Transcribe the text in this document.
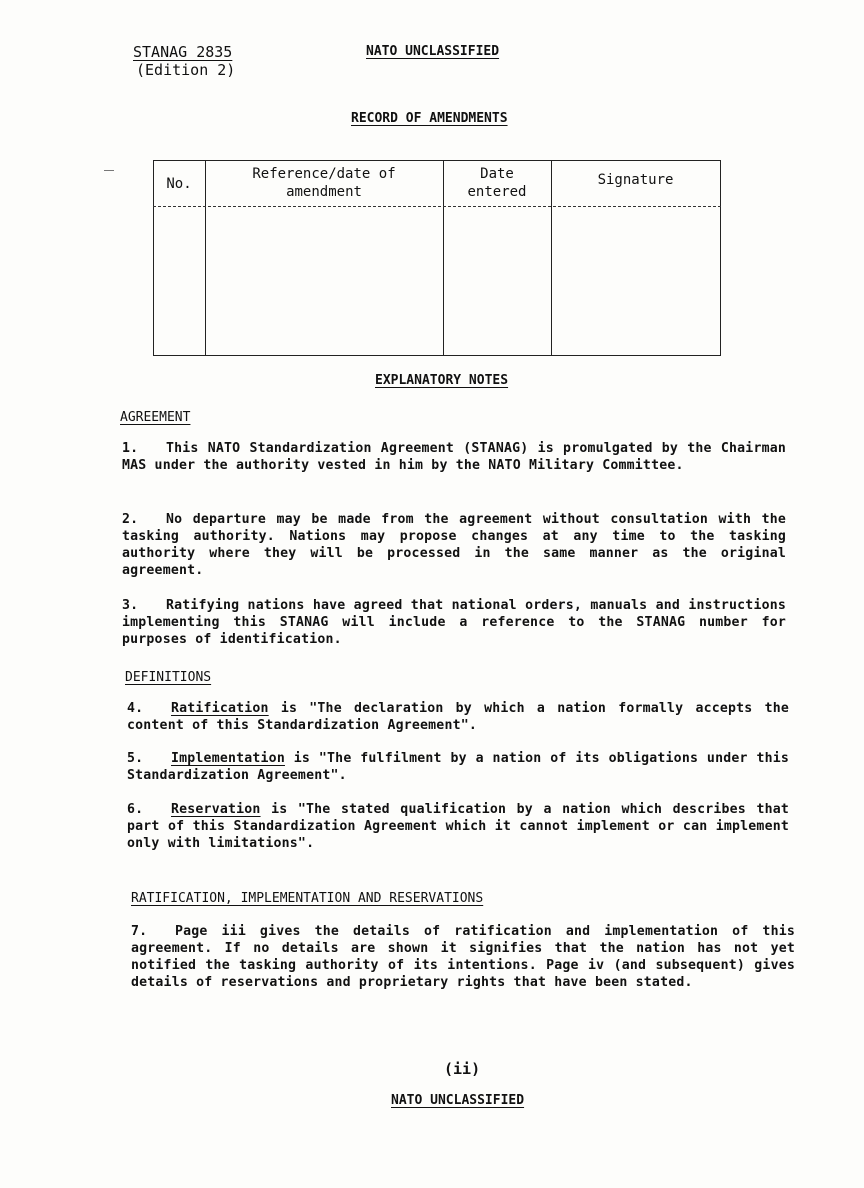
STANAG 2835
(Edition 2)
NATO UNCLASSIFIED
RECORD OF AMENDMENTS
No.
Reference/date of
amendment
Date
entered
Signature
EXPLANATORY NOTES
AGREEMENT
1. This NATO Standardization Agreement (STANAG) is promulgated by the Chairman MAS under the authority vested in him by the NATO Military Committee.
2. No departure may be made from the agreement without consultation with the tasking authority. Nations may propose changes at any time to the tasking authority where they will be processed in the same manner as the original agreement.
3. Ratifying nations have agreed that national orders, manuals and instructions implementing this STANAG will include a reference to the STANAG number for purposes of identification.
DEFINITIONS
4. Ratification is "The declaration by which a nation formally accepts the content of this Standardization Agreement".
5. Implementation is "The fulfilment by a nation of its obligations under this Standardization Agreement".
6. Reservation is "The stated qualification by a nation which describes that part of this Standardization Agreement which it cannot implement or can implement only with limitations".
RATIFICATION, IMPLEMENTATION AND RESERVATIONS
7. Page iii gives the details of ratification and implementation of this agreement. If no details are shown it signifies that the nation has not yet notified the tasking authority of its intentions. Page iv (and subsequent) gives details of reservations and proprietary rights that have been stated.
(ii)
NATO UNCLASSIFIED
